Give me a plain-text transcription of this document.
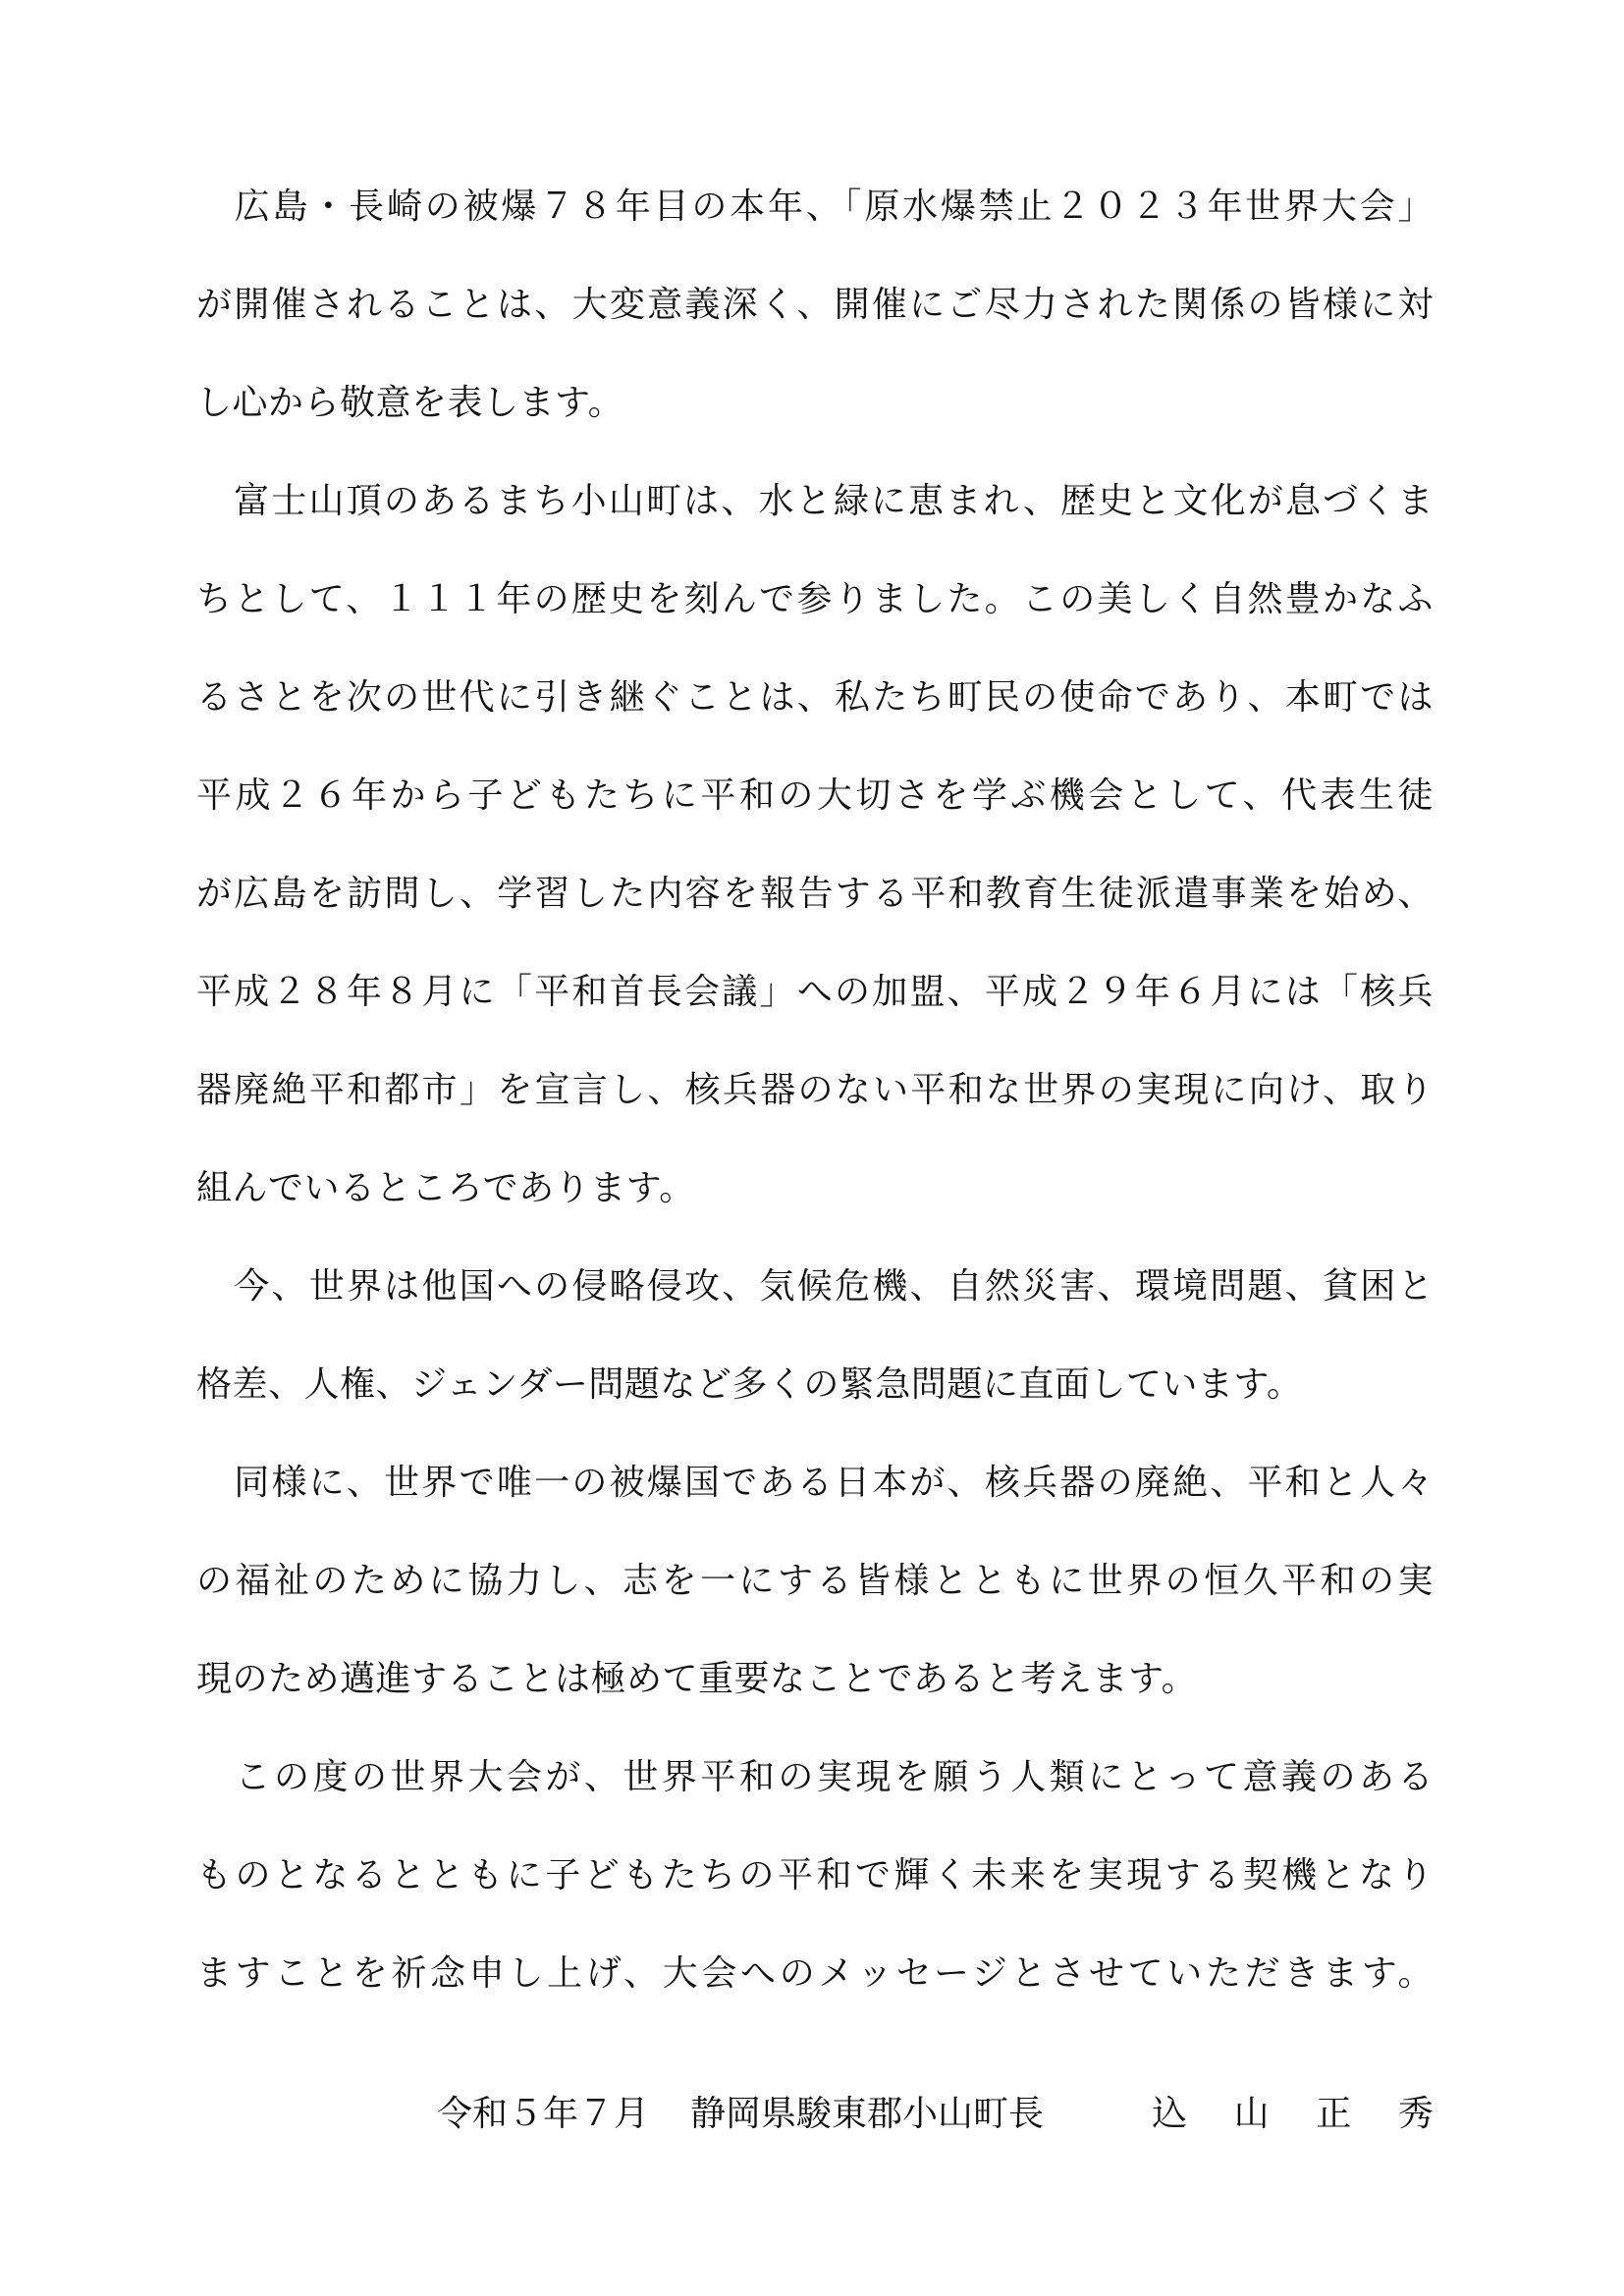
　広島・長崎の被爆７８年目の本年、「原水爆禁止２０２３年世界大会」
が開催されることは、大変意義深く、開催にご尽力された関係の皆様に対
し心から敬意を表します。
　富士山頂のあるまち小山町は、水と緑に恵まれ、歴史と文化が息づくま
ちとして、１１１年の歴史を刻んで参りました。この美しく自然豊かなふ
るさとを次の世代に引き継ぐことは、私たち町民の使命であり、本町では
平成２６年から子どもたちに平和の大切さを学ぶ機会として、代表生徒
が広島を訪問し、学習した内容を報告する平和教育生徒派遣事業を始め、
平成２８年８月に「平和首長会議」への加盟、平成２９年６月には「核兵
器廃絶平和都市」を宣言し、核兵器のない平和な世界の実現に向け、取り
組んでいるところであります。
　今、世界は他国への侵略侵攻、気候危機、自然災害、環境問題、貧困と
格差、人権、ジェンダー問題など多くの緊急問題に直面しています。
　同様に、世界で唯一の被爆国である日本が、核兵器の廃絶、平和と人々
の福祉のために協力し、志を一にする皆様とともに世界の恒久平和の実
現のため邁進することは極めて重要なことであると考えます。
　この度の世界大会が、世界平和の実現を願う人類にとって意義のある
ものとなるとともに子どもたちの平和で輝く未来を実現する契機となり
ますことを祈念申し上げ、大会へのメッセージとさせていただきます。
令和５年７月	静岡県駿東郡小山町長	込 山 正 秀
